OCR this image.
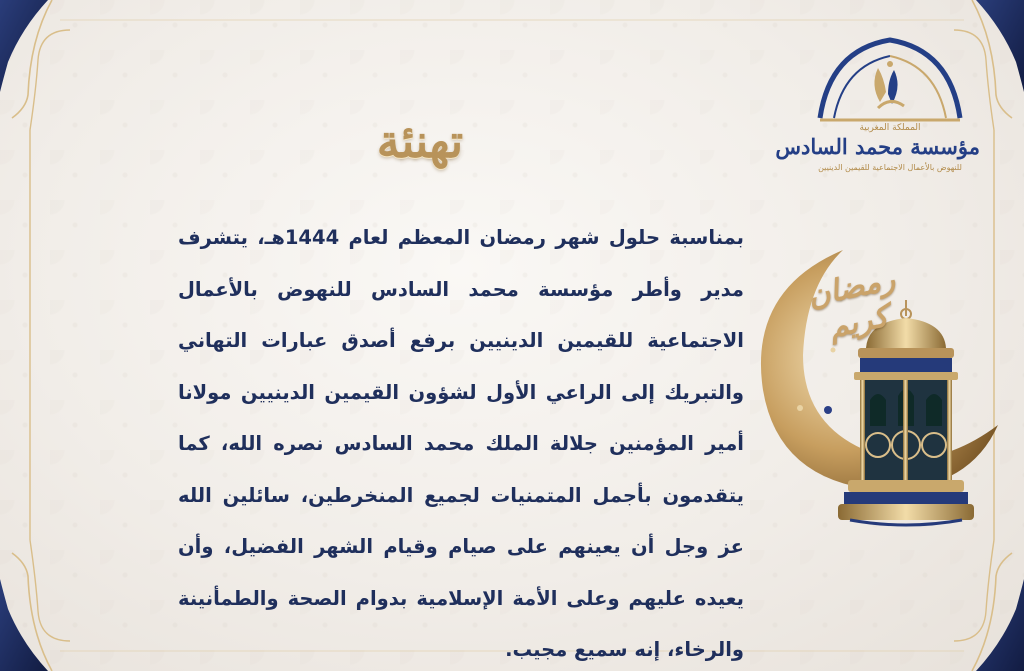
تهنئة	المملكة المغربية
مؤسسة محمد السادس
للنهوض بالأعمال الاجتماعية للقيمين الدينيين
بمناسبة حلول شهر رمضان المعظم لعام 1444هـ، يتشرف مدير وأطر مؤسسة محمد السادس للنهوض بالأعمال الاجتماعية للقيمين الدينيين برفع أصدق عبارات التهاني والتبريك إلى الراعي الأول لشؤون القيمين الدينيين مولانا أمير المؤمنين جلالة الملك محمد السادس نصره الله، كما يتقدمون بأجمل المتمنيات لجميع المنخرطين، سائلين الله عز وجل أن يعينهم على صيام وقيام الشهر الفضيل، وأن يعيده عليهم وعلى الأمة الإسلامية بدوام الصحة والطمأنينة والرخاء، إنه سميع مجيب.
رمضان كريم
